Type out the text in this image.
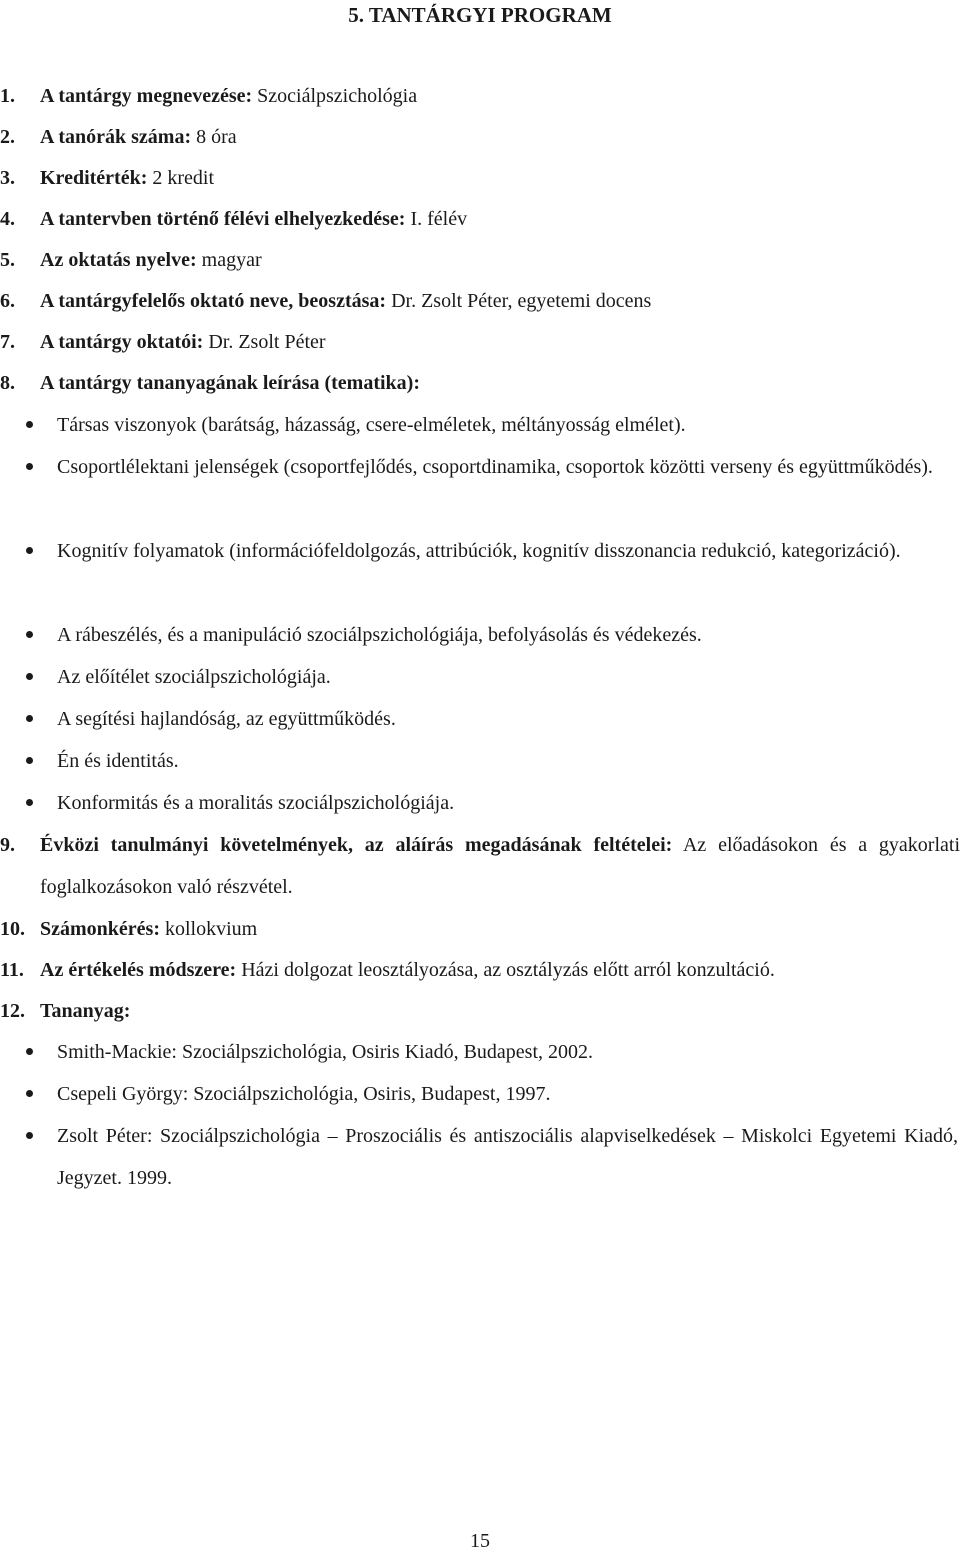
5. TANTÁRGYI PROGRAM
1. A tantárgy megnevezése: Szociálpszichológia
2. A tanórák száma: 8 óra
3. Kreditérték: 2 kredit
4. A tantervben történő félévi elhelyezkedése: I. félév
5. Az oktatás nyelve: magyar
6. A tantárgyfelelős oktató neve, beosztása: Dr. Zsolt Péter, egyetemi docens
7. A tantárgy oktatói: Dr. Zsolt Péter
8. A tantárgy tananyagának leírása (tematika):
Társas viszonyok (barátság, házasság, csere-elméletek, méltányosság elmélet).
Csoportlélektani jelenségek (csoportfejlődés, csoportdinamika, csoportok közötti verseny és együttműködés).
Kognitív folyamatok (információfeldolgozás, attribúciók, kognitív disszonancia redukció, kategorizáció).
A rábeszélés, és a manipuláció szociálpszichológiája, befolyásolás és védekezés.
Az előítélet szociálpszichológiája.
A segítési hajlandóság, az együttműködés.
Én és identitás.
Konformitás és a moralitás szociálpszichológiája.
9.	Évközi tanulmányi követelmények, az aláírás megadásának feltételei: Az előadásokon és a gyakorlati foglalkozásokon való részvétel.
10. Számonkérés: kollokvium
11. Az értékelés módszere: Házi dolgozat leosztályozása, az osztályzás előtt arról konzultáció.
12. Tananyag:
Smith-Mackie: Szociálpszichológia, Osiris Kiadó, Budapest, 2002.
Csepeli György: Szociálpszichológia, Osiris, Budapest, 1997.
Zsolt Péter: Szociálpszichológia – Proszociális és antiszociális alapviselkedések – Miskolci Egyetemi Kiadó, Jegyzet. 1999.
15
